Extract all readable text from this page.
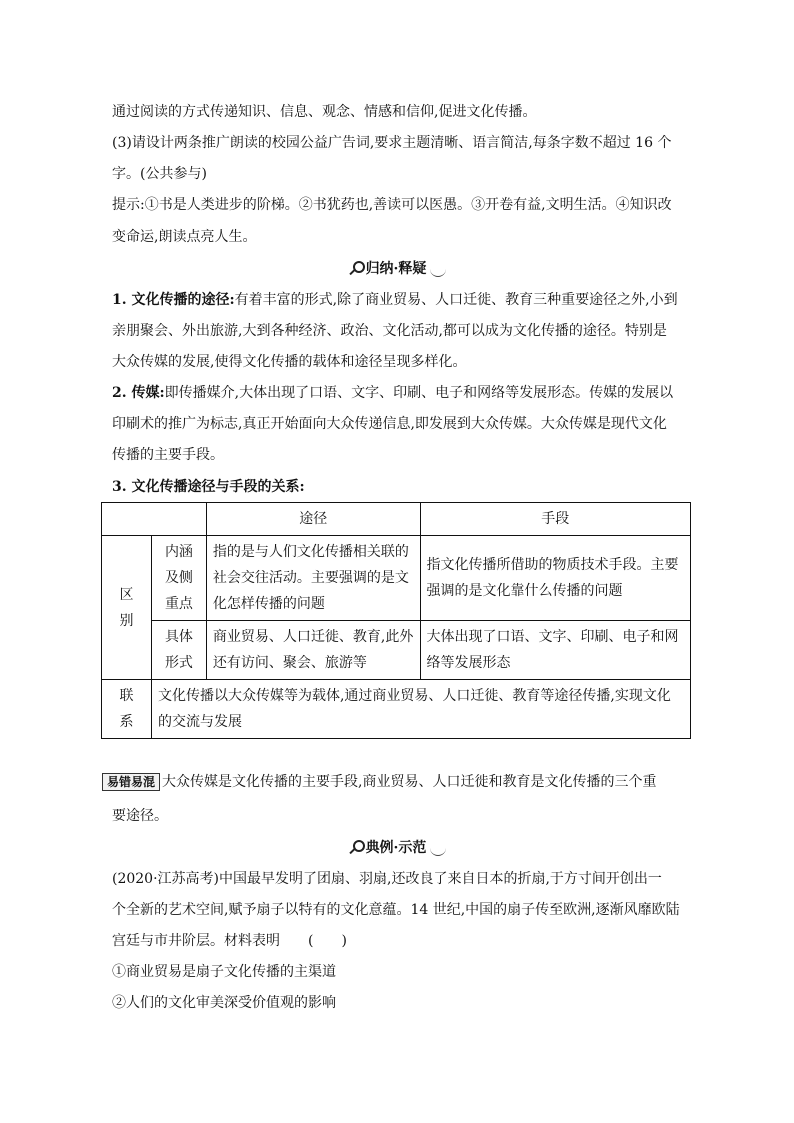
通过阅读的方式传递知识、信息、观念、情感和信仰,促进文化传播。
(3)请设计两条推广朗读的校园公益广告词,要求主题清晰、语言简洁,每条字数不超过 16 个
字。(公共参与)
提示:①书是人类进步的阶梯。②书犹药也,善读可以医愚。③开卷有益,文明生活。④知识改
变命运,朗读点亮人生。
归纳·释疑
1. 文化传播的途径:有着丰富的形式,除了商业贸易、人口迁徙、教育三种重要途径之外,小到
亲朋聚会、外出旅游,大到各种经济、政治、文化活动,都可以成为文化传播的途径。特别是
大众传媒的发展,使得文化传播的载体和途径呈现多样化。
2. 传媒:即传播媒介,大体出现了口语、文字、印刷、电子和网络等发展形态。传媒的发展以
印刷术的推广为标志,真正开始面向大众传递信息,即发展到大众传媒。大众传媒是现代文化
传播的主要手段。
3. 文化传播途径与手段的关系:
		途径	手段
区别	内涵及侧重点	指的是与人们文化传播相关联的社会交往活动。主要强调的是文化怎样传播的问题	指文化传播所借助的物质技术手段。主要强调的是文化靠什么传播的问题
	具体形式	商业贸易、人口迁徙、教育,此外还有访问、聚会、旅游等	大体出现了口语、文字、印刷、电子和网络等发展形态
联系	文化传播以大众传媒等为载体,通过商业贸易、人口迁徙、教育等途径传播,实现文化的交流与发展		
易错易混 大众传媒是文化传播的主要手段,商业贸易、人口迁徙和教育是文化传播的三个重
要途径。
典例·示范
(2020·江苏高考)中国最早发明了团扇、羽扇,还改良了来自日本的折扇,于方寸间开创出一
个全新的艺术空间,赋予扇子以特有的文化意蕴。14 世纪,中国的扇子传至欧洲,逐渐风靡欧陆
宫廷与市井阶层。材料表明　　(　　)
①商业贸易是扇子文化传播的主渠道
②人们的文化审美深受价值观的影响
